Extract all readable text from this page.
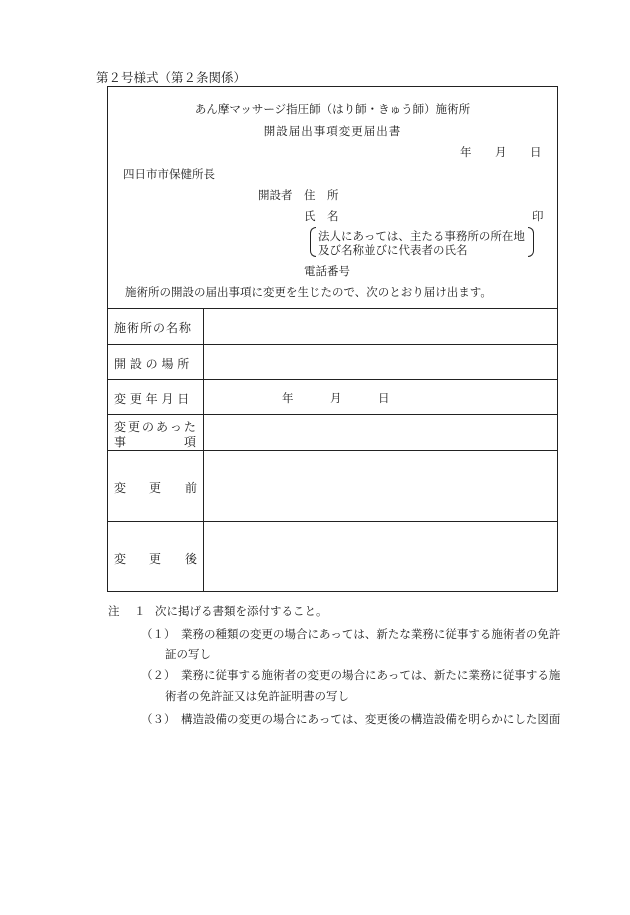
第２号様式（第２条関係）
あん摩マッサージ指圧師（はり師・きゅう師）施術所
開設届出事項変更届出書
年 月 日
四日市市保健所長
開設者 住　所
氏　名	印
法人にあっては、主たる事務所の所在地
及び名称並びに代表者の氏名
電話番号
施術所の開設の届出事項に変更を生じたので、次のとおり届け出ます。
施術所の名称
開 設 の 場 所
変 更 年 月 日	年	月	日
変更のあった
事	項
変 更 前
変 更 後
注 １ 次に掲げる書類を添付すること。
（１） 業務の種類の変更の場合にあっては、新たな業務に従事する施術者の免許
証の写し
（２） 業務に従事する施術者の変更の場合にあっては、新たに業務に従事する施
術者の免許証又は免許証明書の写し
（３） 構造設備の変更の場合にあっては、変更後の構造設備を明らかにした図面
